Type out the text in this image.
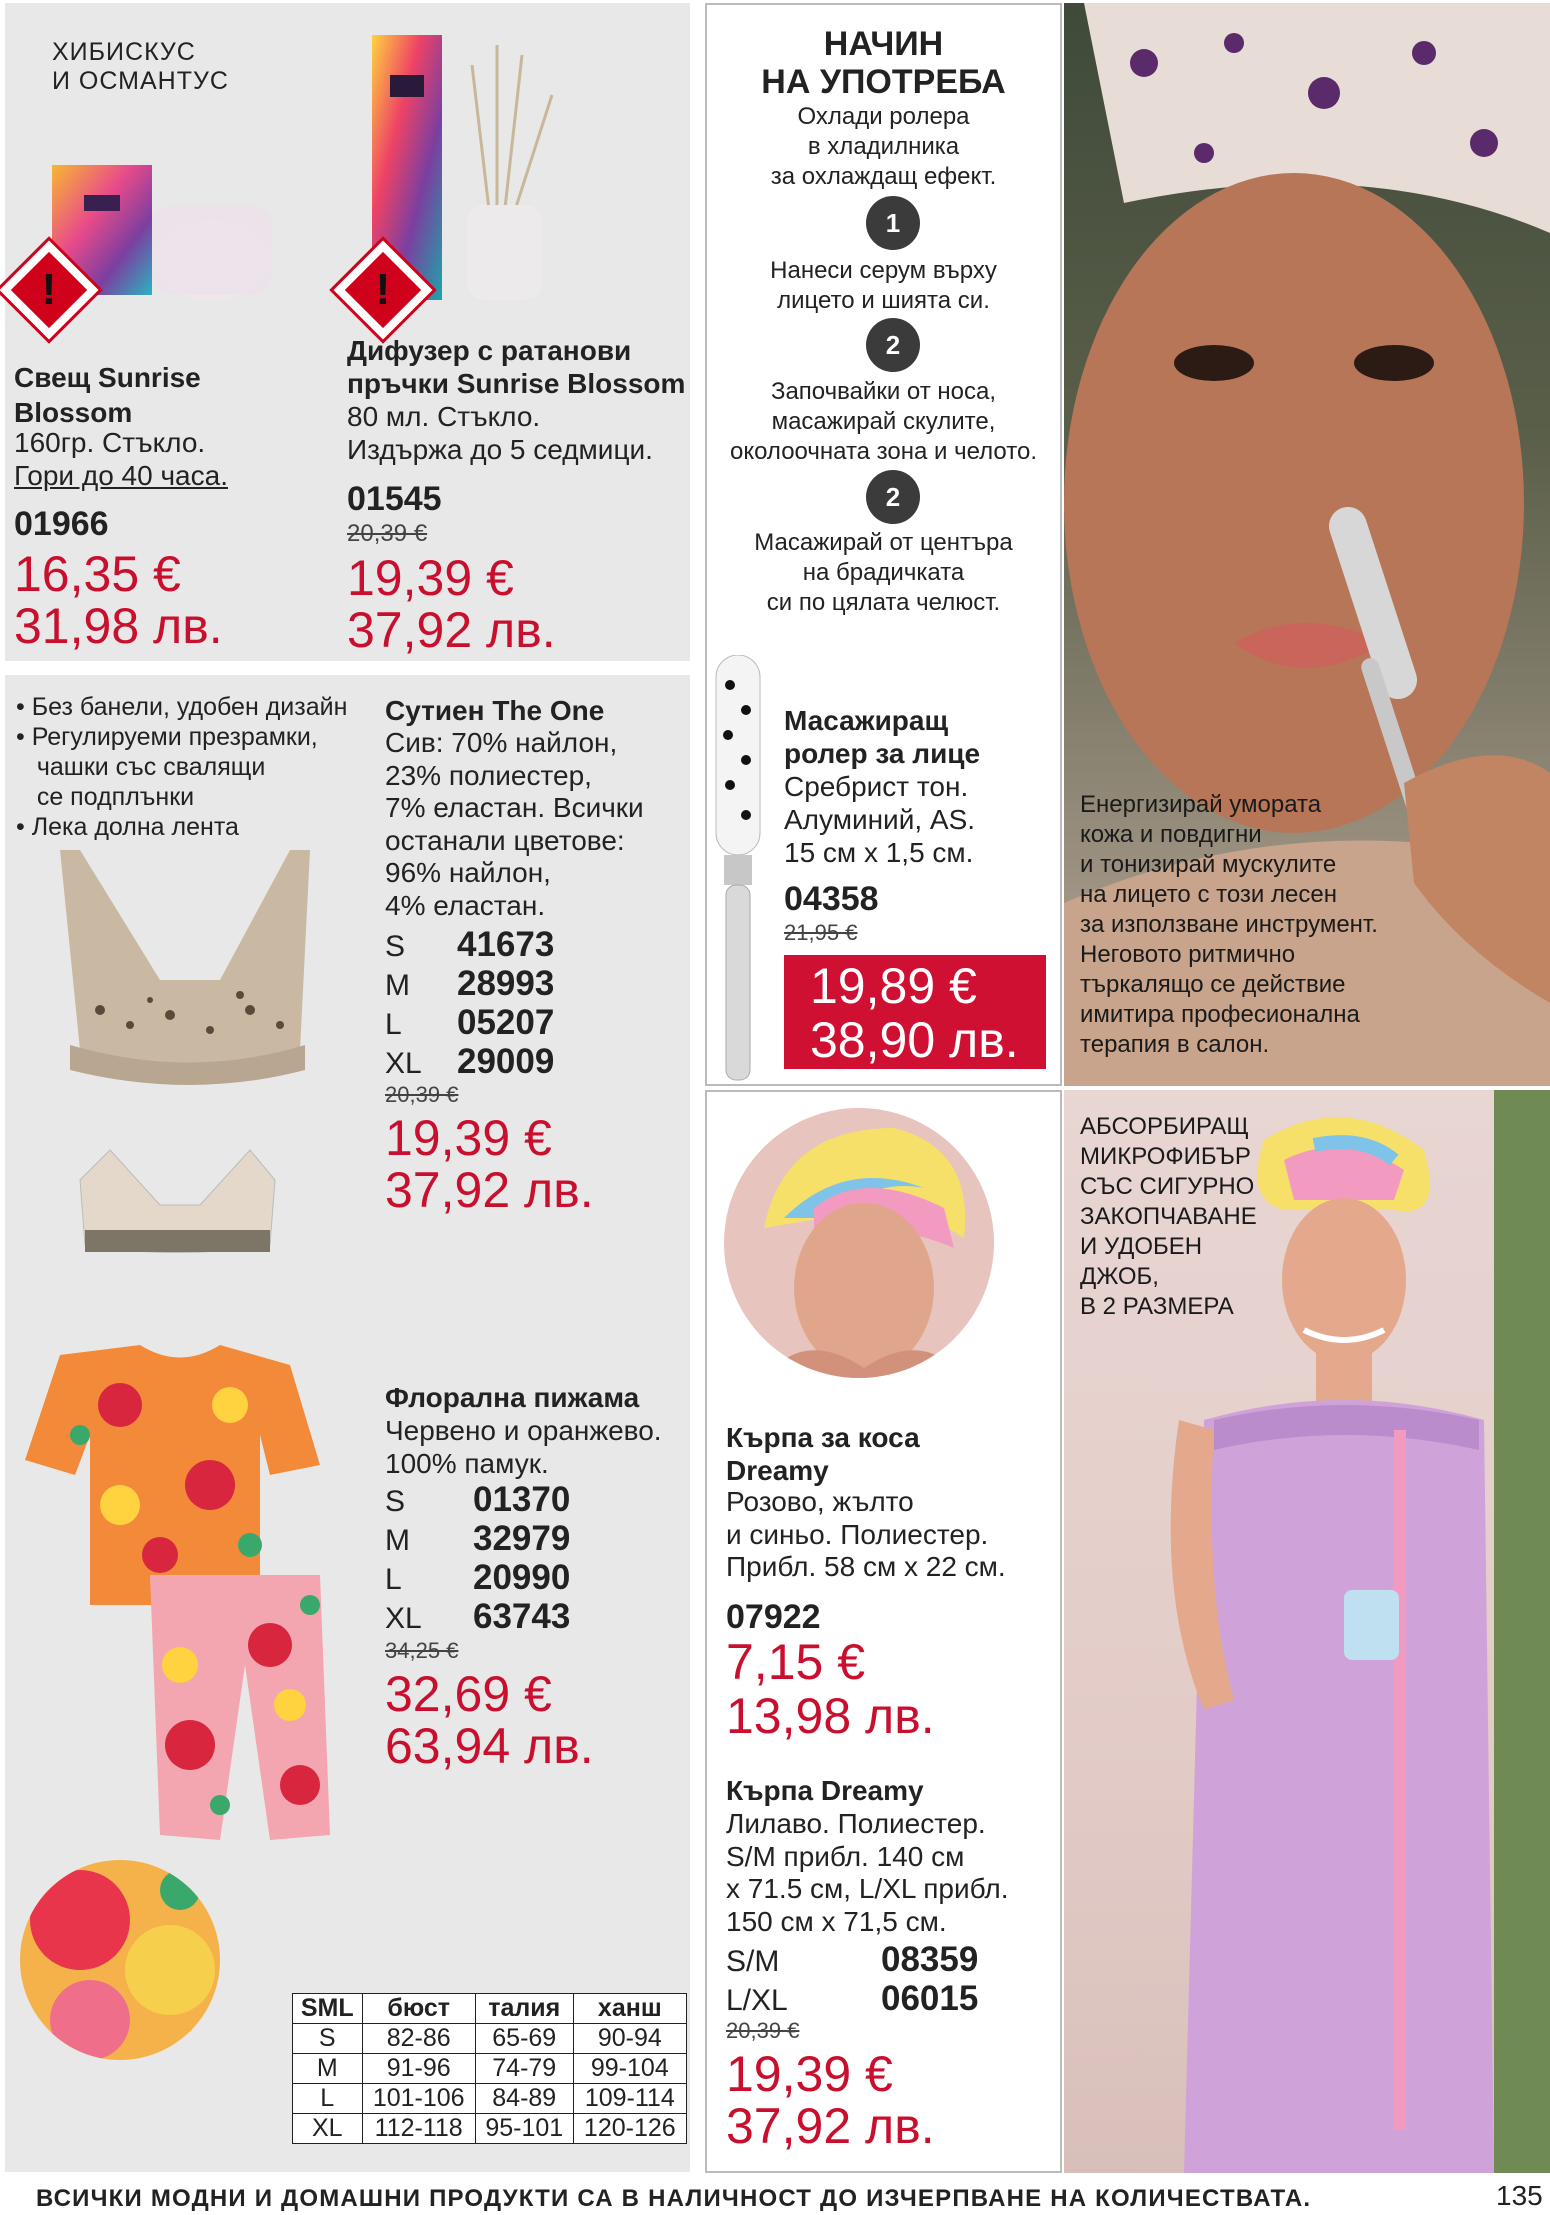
ХИБИСКУС
И ОСМАНТУС
!	!
Свещ Sunrise Blossom
160гр. Стъкло.
Гори до 40 часа.
01966
16,35 €
31,98 лв.
Дифузер с ратанови
пръчки Sunrise Blossom
80 мл. Стъкло.
Издържа до 5 седмици.
01545
20,39 €
19,39 €
37,92 лв.
НАЧИН
НА УПОТРЕБА
Охлади ролера
в хладилника
за охлаждащ ефект.
1
Нанеси серум върху
лицето и шията си.
2
Започвайки от носа,
масажирай скулите,
околоочната зона и челото.
2
Масажирай от центъра
на брадичката
си по цялата челюст.
Масажиращ
ролер за лице
Сребрист тон.
Алуминий, AS.
15 см х 1,5 см.
04358
21,95 €
19,89 €
38,90 лв.
Енергизирай умората
кожа и повдигни
и тонизирай мускулите
на лицето с този лесен
за използване инструмент.
Неговото ритмично
търкалящо се действие
имитира професионална
терапия в салон.
• Без банели, удобен дизайн
• Регулируеми презрамки,
чашки със свалящи
се подплънки
• Лека долна лента
Сутиен The One
Сив: 70% найлон,
23% полиестер,
7% еластан. Всички
останали цветове:
96% найлон,
4% еластан.
S 41673
M 28993
L 05207
XL 29009
20,39 €
19,39 €
37,92 лв.
Флорална пижама
Червено и оранжево.
100% памук.
S 01370
M 32979
L 20990
XL 63743
34,25 €
32,69 €
63,94 лв.
SML	бюст	талия	ханш
S	82-86	65-69	90-94
M	91-96	74-79	99-104
L	101-106	84-89	109-114
XL	112-118	95-101	120-126
Кърпа за коса
Dreamy
Розово, жълто
и синьо. Полиестер.
Прибл. 58 см х 22 см.
07922
7,15 €
13,98 лв.
Кърпа Dreamy
Лилаво. Полиестер.
S/M прибл. 140 см
х 71.5 см, L/XL прибл.
150 см х 71,5 см.
S/M	08359
L/XL	06015
20,39 €
19,39 €
37,92 лв.
АБСОРБИРАЩ
МИКРОФИБЪР
СЪС СИГУРНО
ЗАКОПЧАВАНЕ
И УДОБЕН
ДЖОБ,
В 2 РАЗМЕРА
ВСИЧКИ МОДНИ И ДОМАШНИ ПРОДУКТИ СА В НАЛИЧНОСТ ДО ИЗЧЕРПВАНЕ НА КОЛИЧЕСТВАТА.	135
